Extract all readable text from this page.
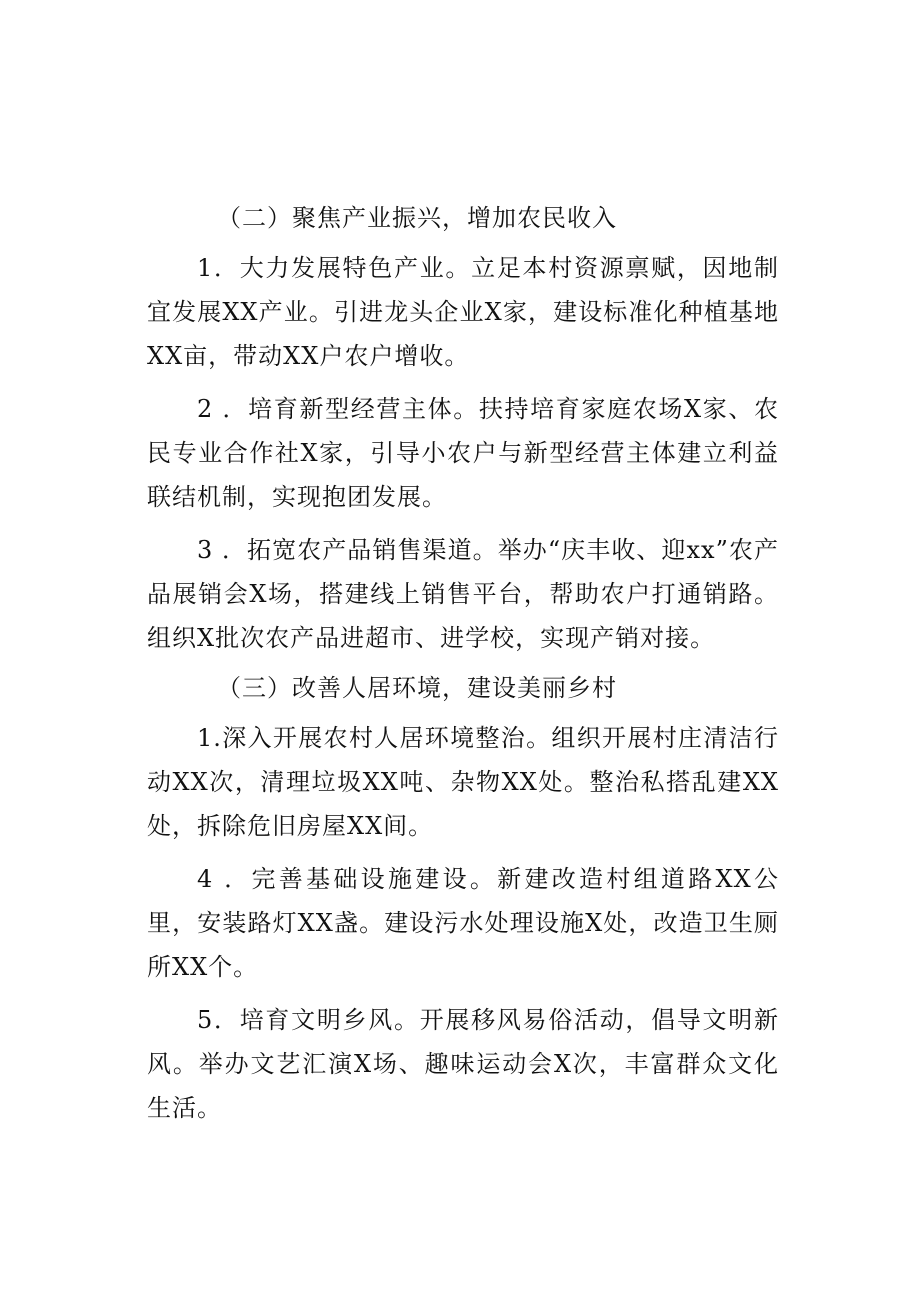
（二）聚焦产业振兴，增加农民收入

1．大力发展特色产业。立足本村资源禀赋，因地制宜发展XX产业。引进龙头企业X家，建设标准化种植基地XX亩，带动XX户农户增收。

2 ．培育新型经营主体。扶持培育家庭农场X家、农民专业合作社X家，引导小农户与新型经营主体建立利益联结机制，实现抱团发展。

3 ．拓宽农产品销售渠道。举办“庆丰收、迎xx”农产品展销会X场，搭建线上销售平台，帮助农户打通销路。组织X批次农产品进超市、进学校，实现产销对接。

（三）改善人居环境，建设美丽乡村

1.深入开展农村人居环境整治。组织开展村庄清洁行动XX次，清理垃圾XX吨、杂物XX处。整治私搭乱建XX处，拆除危旧房屋XX间。

4 ．完善基础设施建设。新建改造村组道路XX公里，安装路灯XX盏。建设污水处理设施X处，改造卫生厕所XX个。

5．培育文明乡风。开展移风易俗活动，倡导文明新风。举办文艺汇演X场、趣味运动会X次，丰富群众文化生活。
